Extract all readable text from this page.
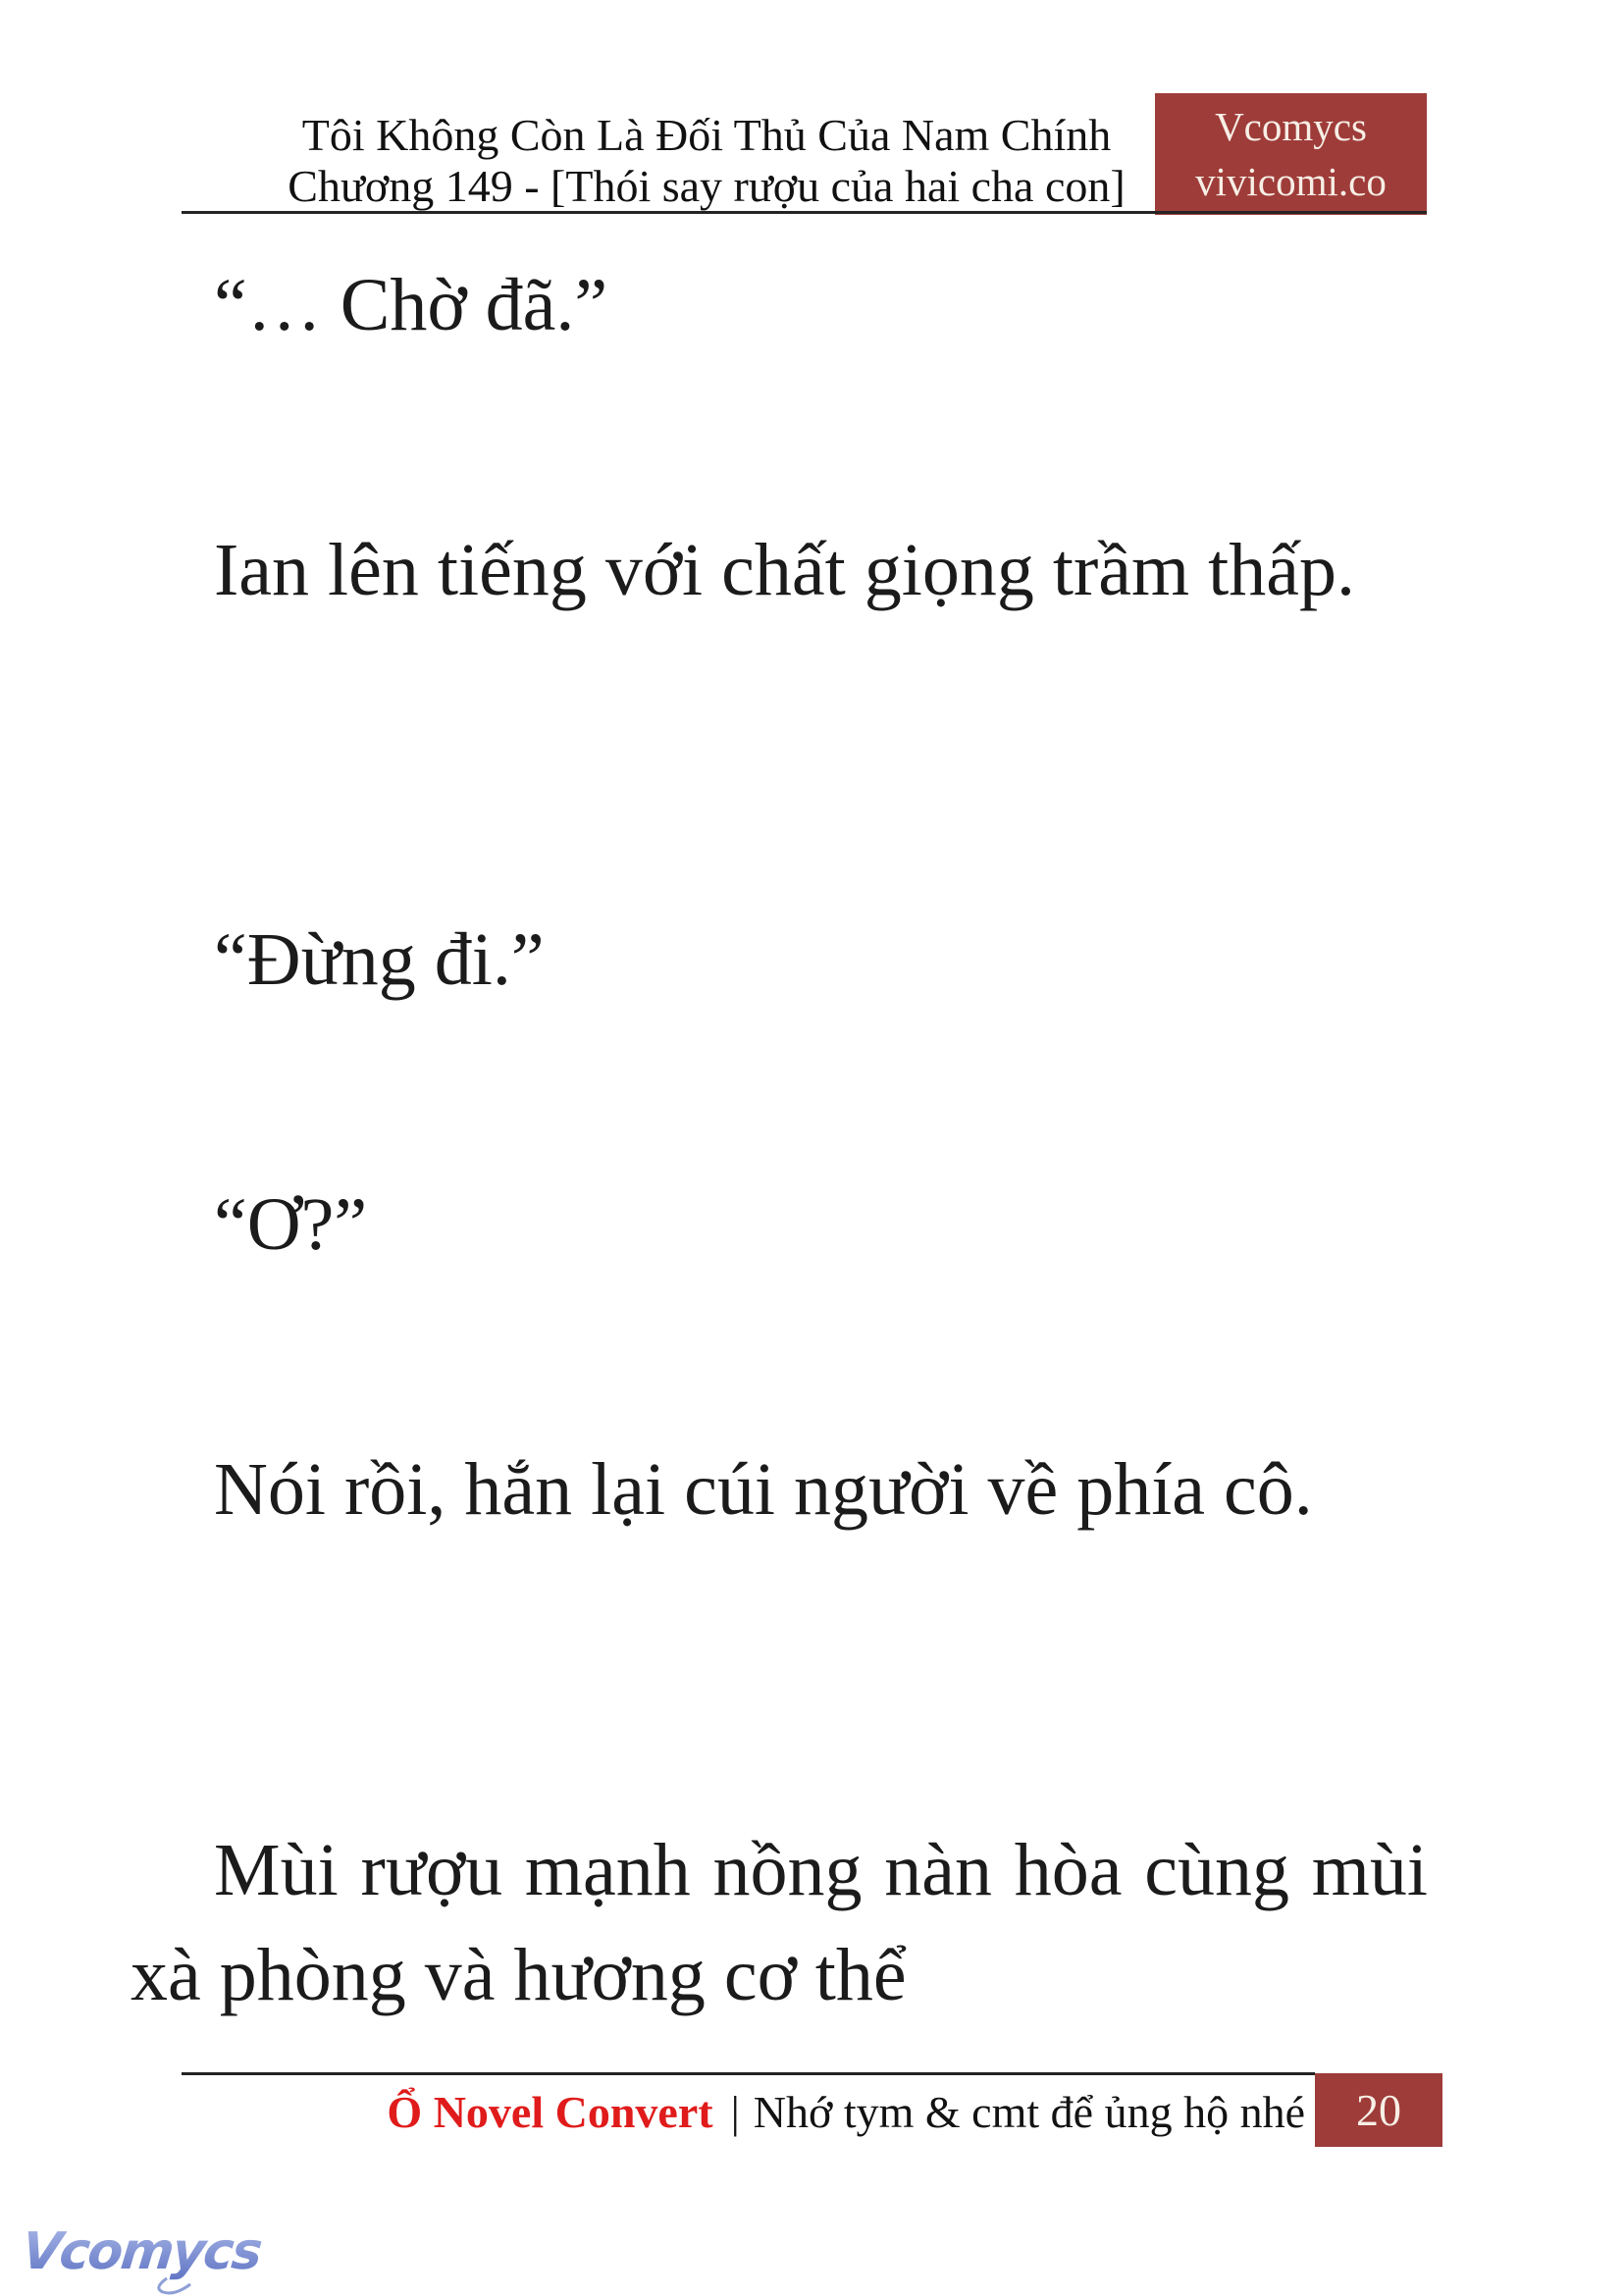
Tôi Không Còn Là Đối Thủ Của Nam Chính
Chương 149 - [Thói say rượu của hai cha con]
Vcomycs
vivicomi.co

“… Chờ đã.”

Ian lên tiếng với chất giọng trầm thấp.

“Đừng đi.”

“Ơ?”

Nói rồi, hắn lại cúi người về phía cô.

Mùi rượu mạnh nồng nàn hòa cùng mùi xà phòng và hương cơ thể

Ổ Novel Convert | Nhớ tym & cmt để ủng hộ nhé 20
Vcomycs
